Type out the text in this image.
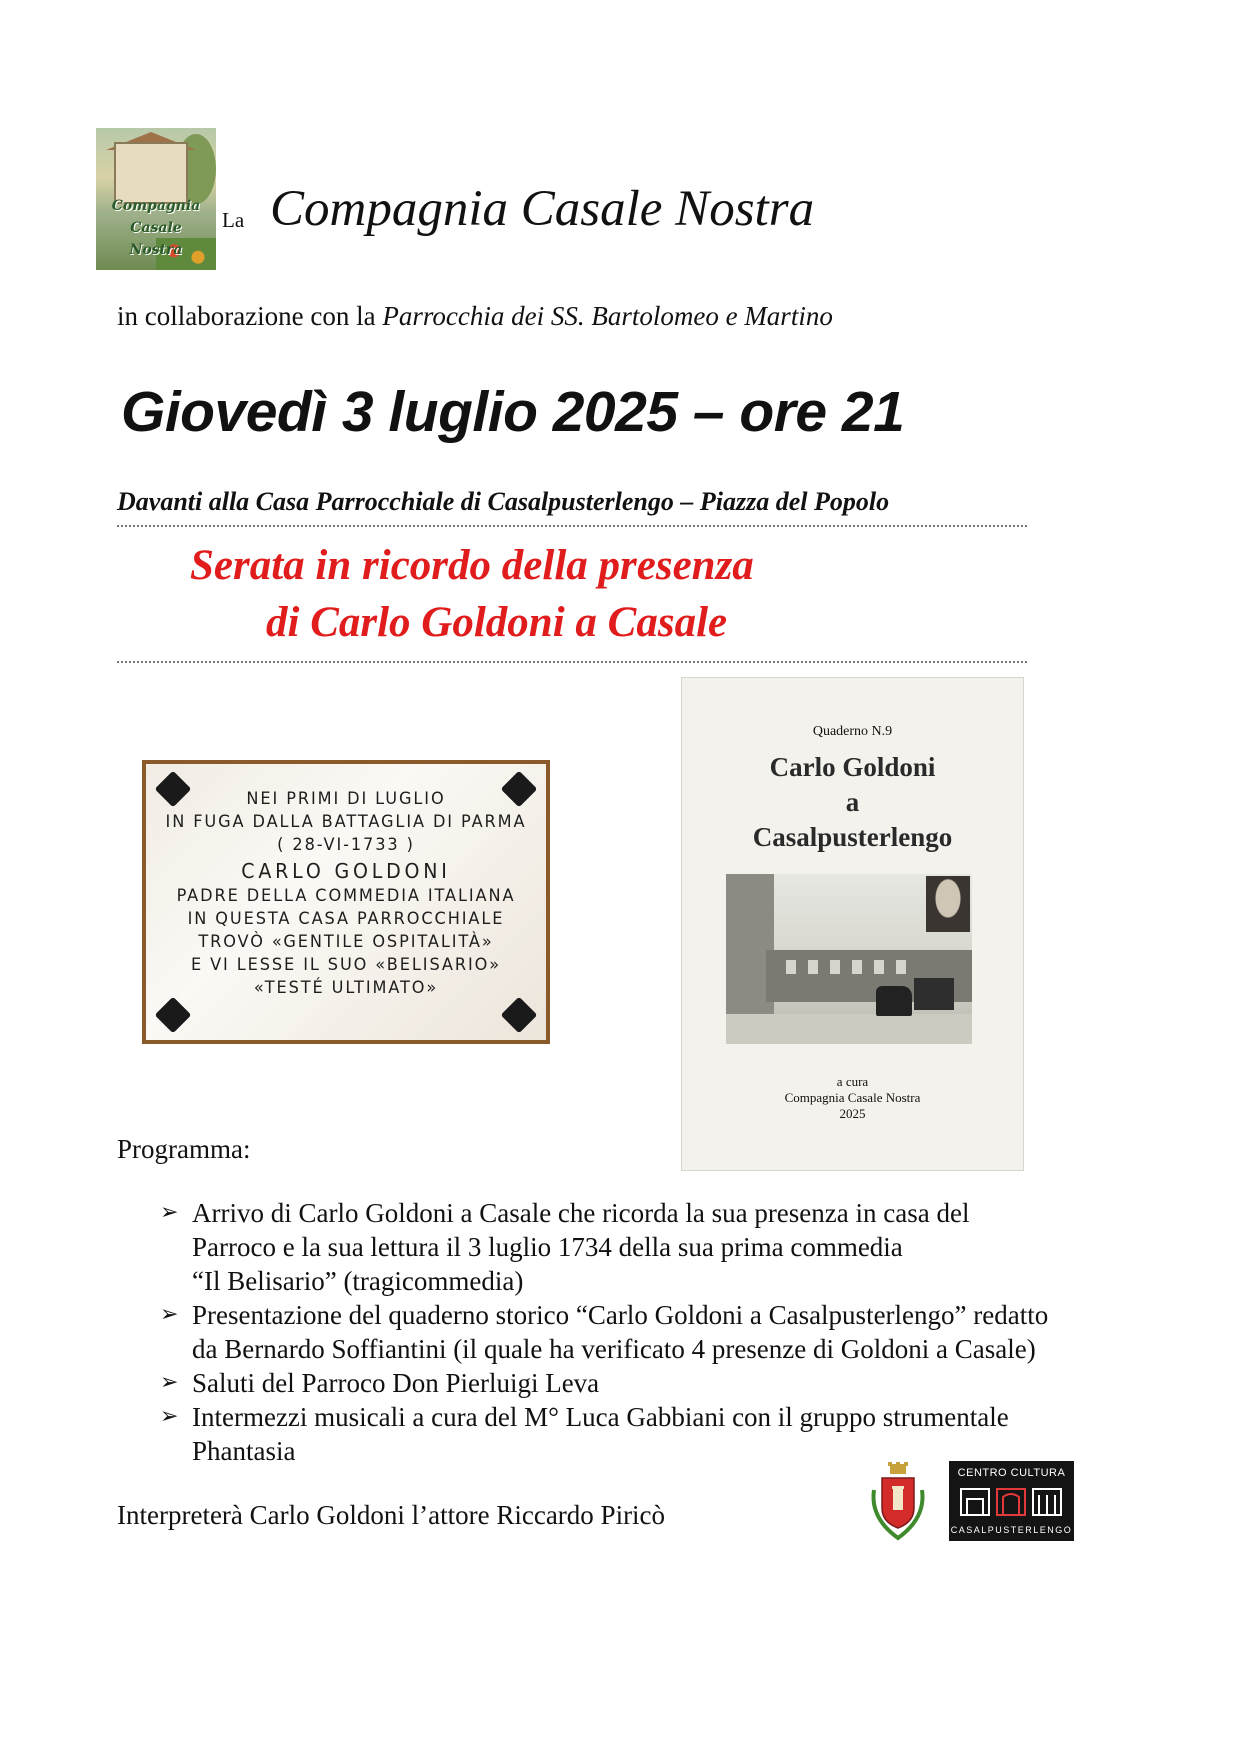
Compagnia
Casale
Nostra
La Compagnia Casale Nostra
in collaborazione con la Parrocchia dei SS. Bartolomeo e Martino
Giovedì 3 luglio 2025 – ore 21
Davanti alla Casa Parrocchiale di Casalpusterlengo – Piazza del Popolo
Serata in ricordo della presenza
di Carlo Goldoni a Casale
NEI PRIMI DI LUGLIO
IN FUGA DALLA BATTAGLIA DI PARMA
( 28-VI-1733 )
CARLO GOLDONI
PADRE DELLA COMMEDIA ITALIANA
IN QUESTA CASA PARROCCHIALE
TROVÒ «GENTILE OSPITALITÀ»
E VI LESSE IL SUO «BELISARIO»
«TESTÉ ULTIMATO»
Quaderno N.9
Carlo Goldoni
a
Casalpusterlengo
a cura
Compagnia Casale Nostra
2025
Programma:
➢ Arrivo di Carlo Goldoni a Casale che ricorda la sua presenza in casa del
Parroco e la sua lettura il 3 luglio 1734 della sua prima commedia
“Il Belisario” (tragicommedia)
➢ Presentazione del quaderno storico “Carlo Goldoni a Casalpusterlengo” redatto
da Bernardo Soffiantini (il quale ha verificato 4 presenze di Goldoni a Casale)
➢ Saluti del Parroco Don Pierluigi Leva
➢ Intermezzi musicali a cura del M° Luca Gabbiani con il gruppo strumentale
Phantasia
Interpreterà Carlo Goldoni l’attore Riccardo Piricò
CENTRO CULTURA
CASALPUSTERLENGO
